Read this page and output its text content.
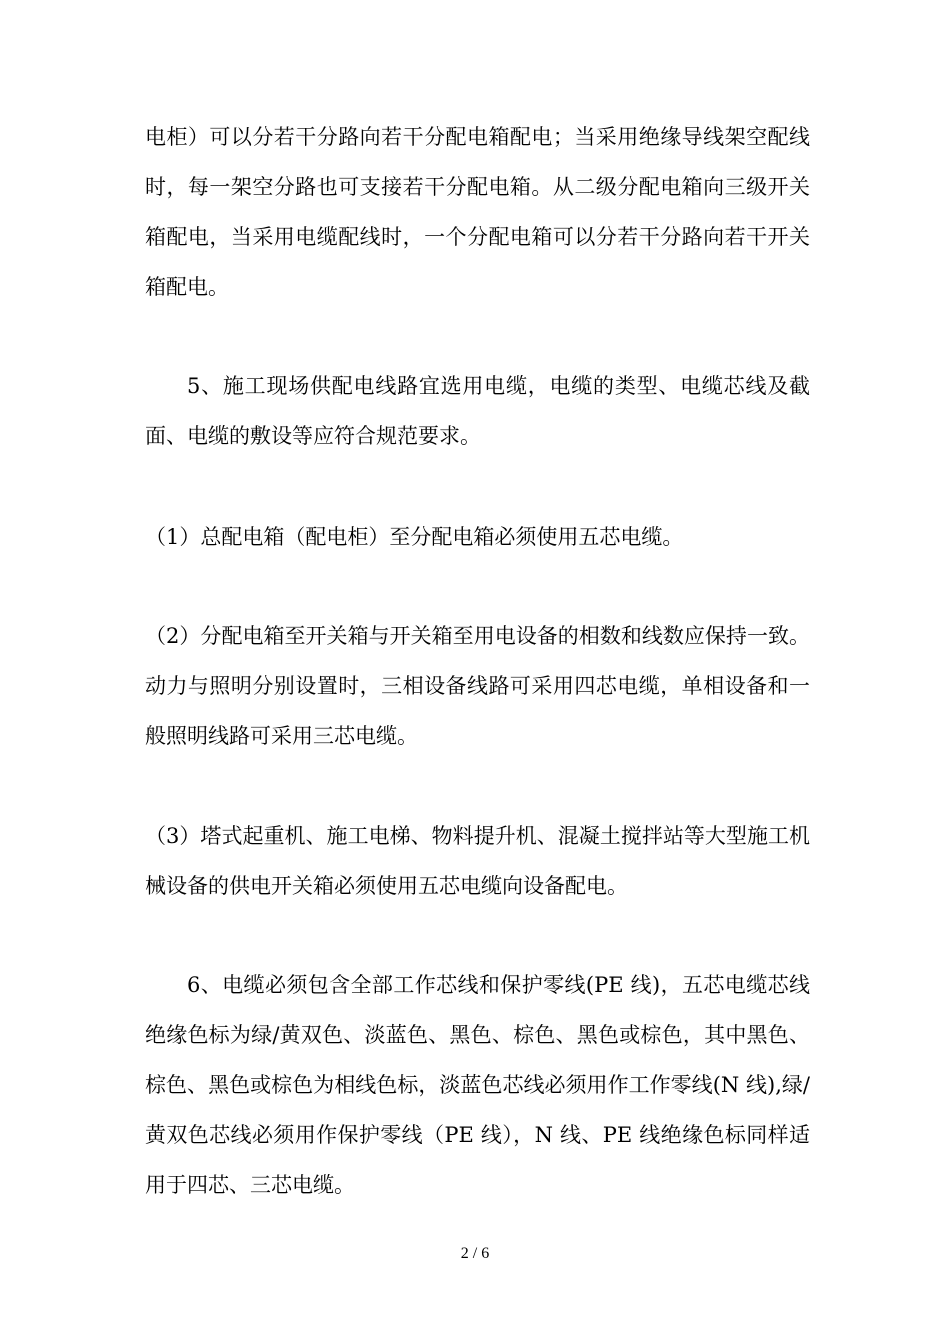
电柜）可以分若干分路向若干分配电箱配电；当采用绝缘导线架空配线时，每一架空分路也可支接若干分配电箱。从二级分配电箱向三级开关箱配电，当采用电缆配线时，一个分配电箱可以分若干分路向若干开关箱配电。

5、施工现场供配电线路宜选用电缆，电缆的类型、电缆芯线及截面、电缆的敷设等应符合规范要求。

（1）总配电箱（配电柜）至分配电箱必须使用五芯电缆。

（2）分配电箱至开关箱与开关箱至用电设备的相数和线数应保持一致。动力与照明分别设置时，三相设备线路可采用四芯电缆，单相设备和一般照明线路可采用三芯电缆。

（3）塔式起重机、施工电梯、物料提升机、混凝土搅拌站等大型施工机械设备的供电开关箱必须使用五芯电缆向设备配电。

6、电缆必须包含全部工作芯线和保护零线(PE 线)，五芯电缆芯线绝缘色标为绿/黄双色、淡蓝色、黑色、棕色、黑色或棕色，其中黑色、棕色、黑色或棕色为相线色标，淡蓝色芯线必须用作工作零线(N 线),绿/黄双色芯线必须用作保护零线（PE 线），N 线、PE 线绝缘色标同样适用于四芯、三芯电缆。

2 / 6
